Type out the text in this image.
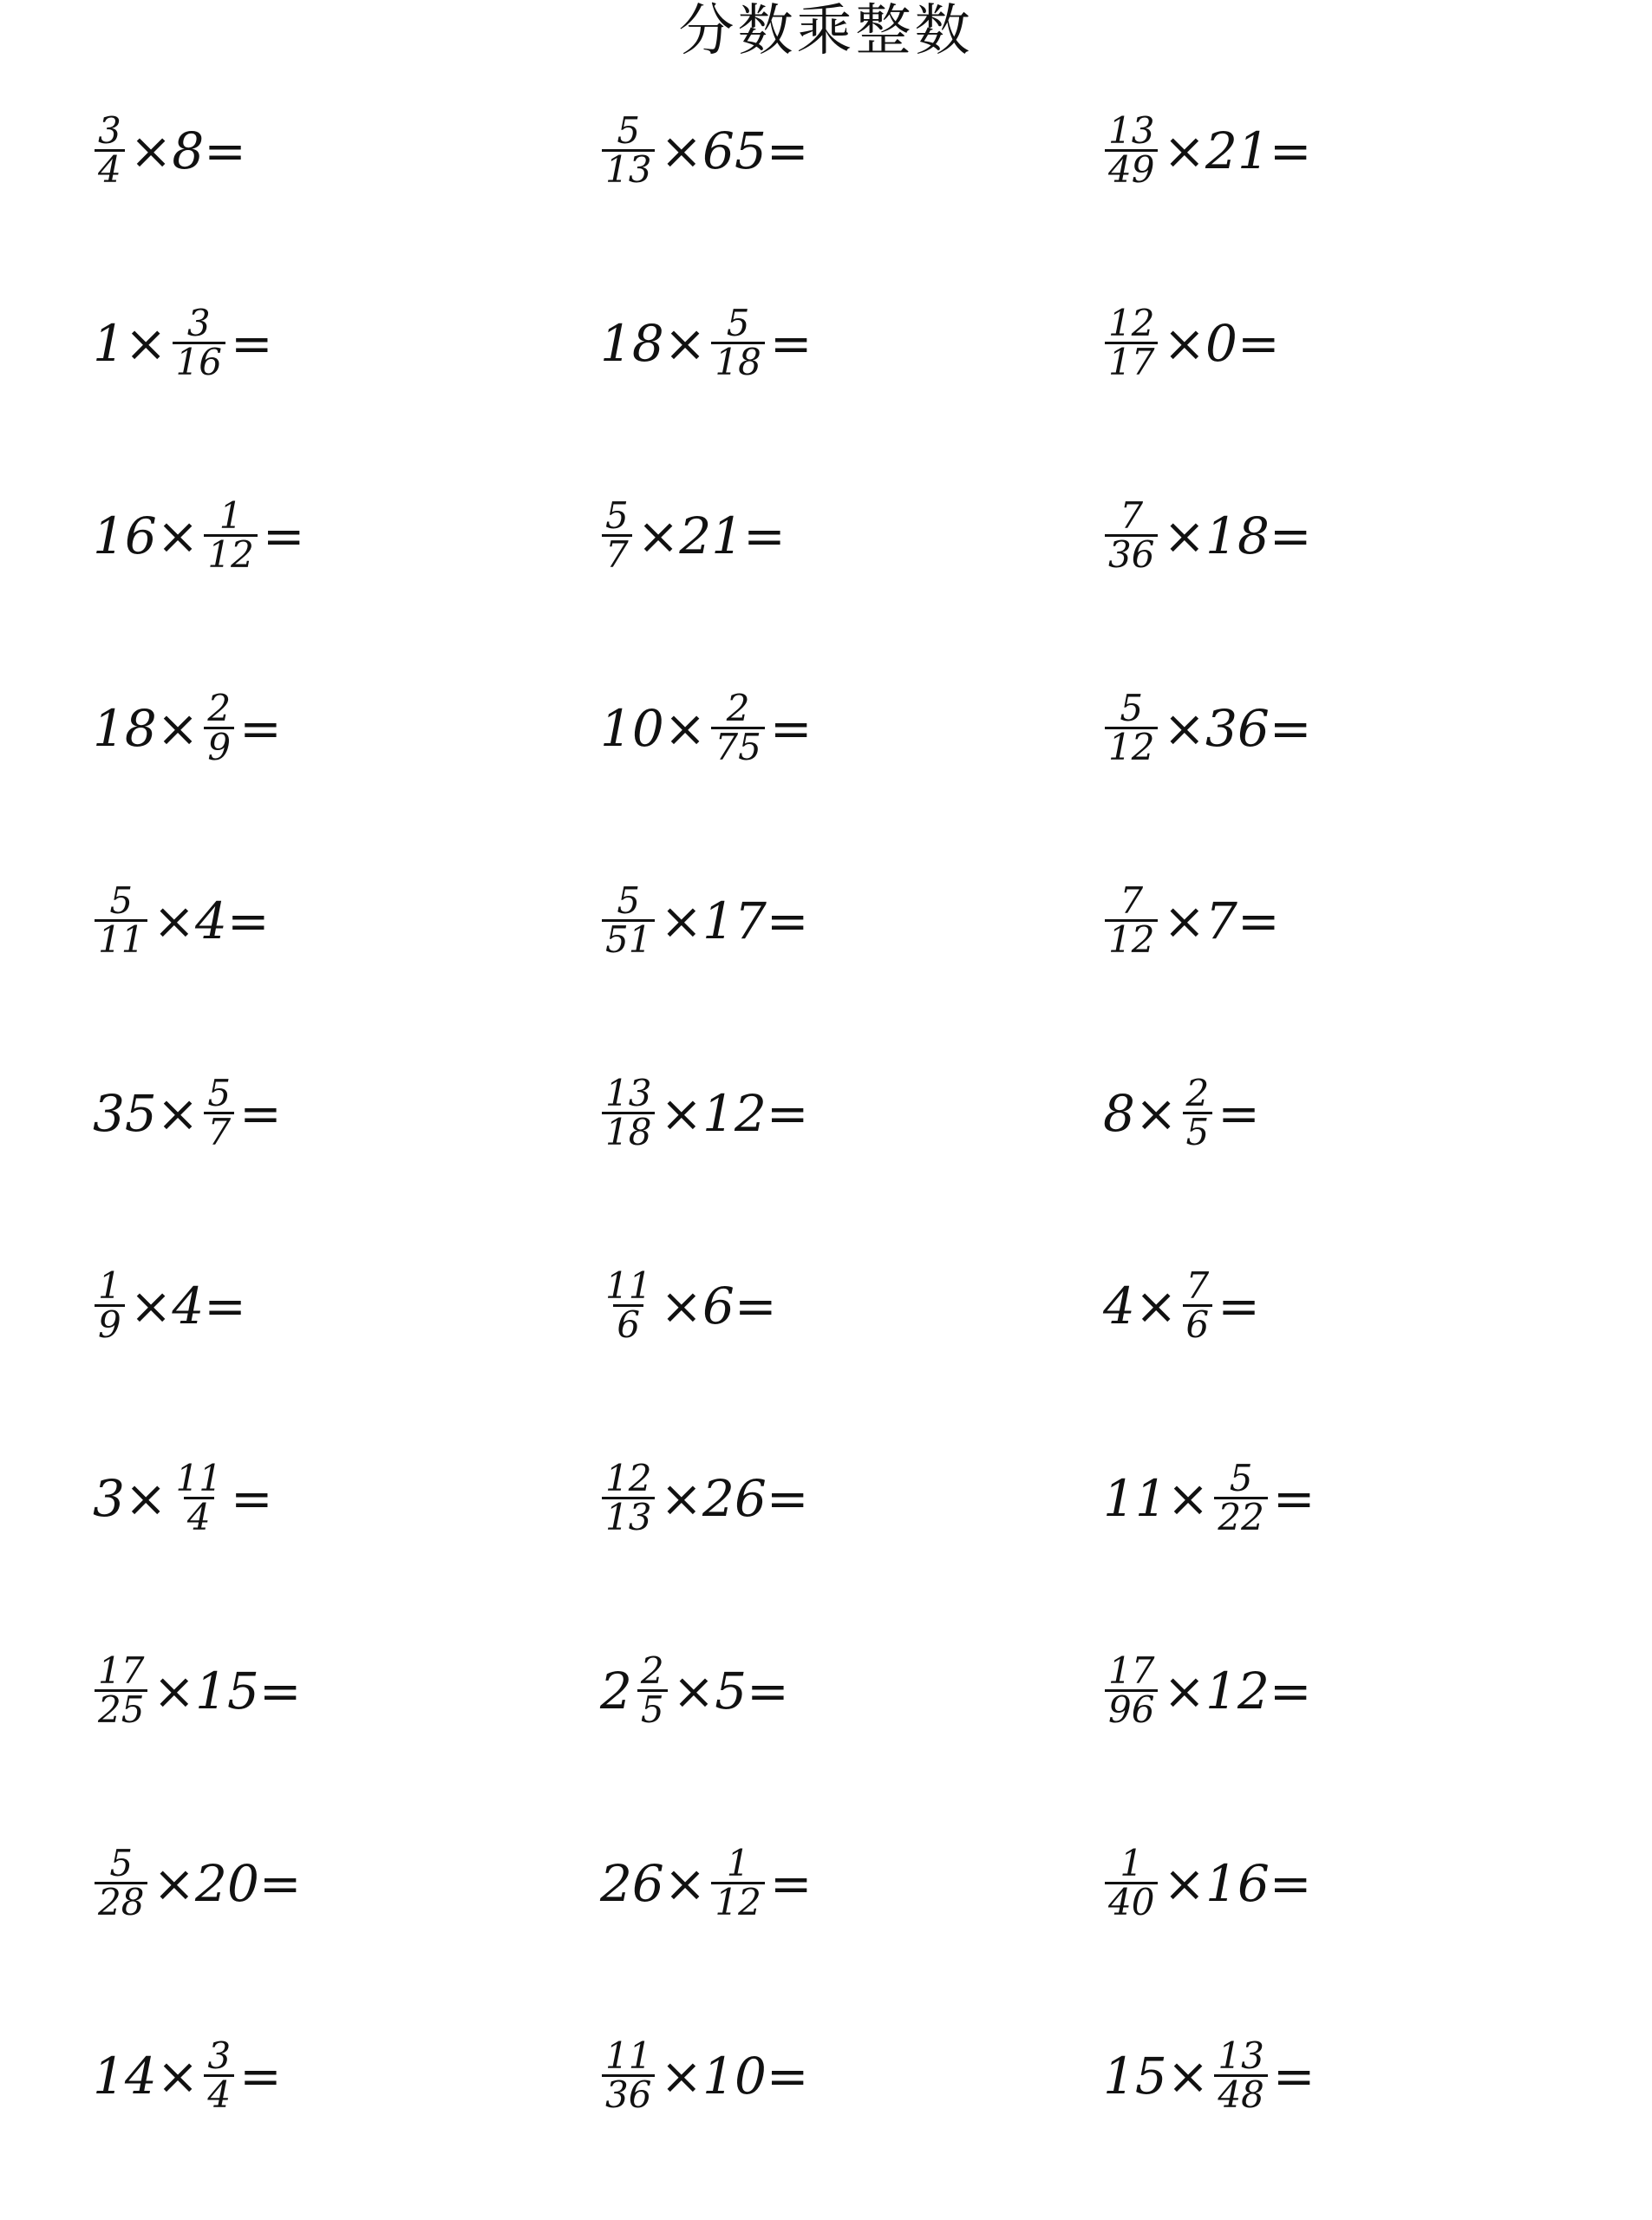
分数乘整数
$\frac{3}{4} \times 8=$	$\frac{5}{13} \times 65=$	$\frac{13}{49} \times 21=$
$1\times \frac{3}{16}$ =	$18\times \frac{5}{18}$ =	$\frac{12}{17} \times 0=$
$16\times \frac{1}{12}$ =	$\frac{5}{7} \times 21=$	$\frac{7}{36} \times 18=$
$18\times \frac{2}{9}$ =	$10\times \frac{2}{75}$ =	$\frac{5}{12} \times 36=$
$\frac{5}{11} \times 4=$	$\frac{5}{51} \times 17=$	$\frac{7}{12} \times 7=$
$35\times \frac{5}{7}$ =	$\frac{13}{18} \times 12=$	$8\times \frac{2}{5}$ =
$\frac{1}{9} \times 4=$	$\frac{11}{6} \times 6=$	$4\times \frac{7}{6}$ =
$3\times \frac{11}{4}$ =	$\frac{12}{13} \times 26=$	$11\times \frac{5}{22}$ =
$\frac{17}{25} \times 15=$	$2 \frac{2}{5} \times 5=$	$\frac{17}{96} \times 12=$
$\frac{5}{28} \times 20=$	$26\times \frac{1}{12}$ =	$\frac{1}{40} \times 16=$
$14\times \frac{3}{4}$ =	$\frac{11}{36} \times 10=$	$15\times \frac{13}{48}$ =
